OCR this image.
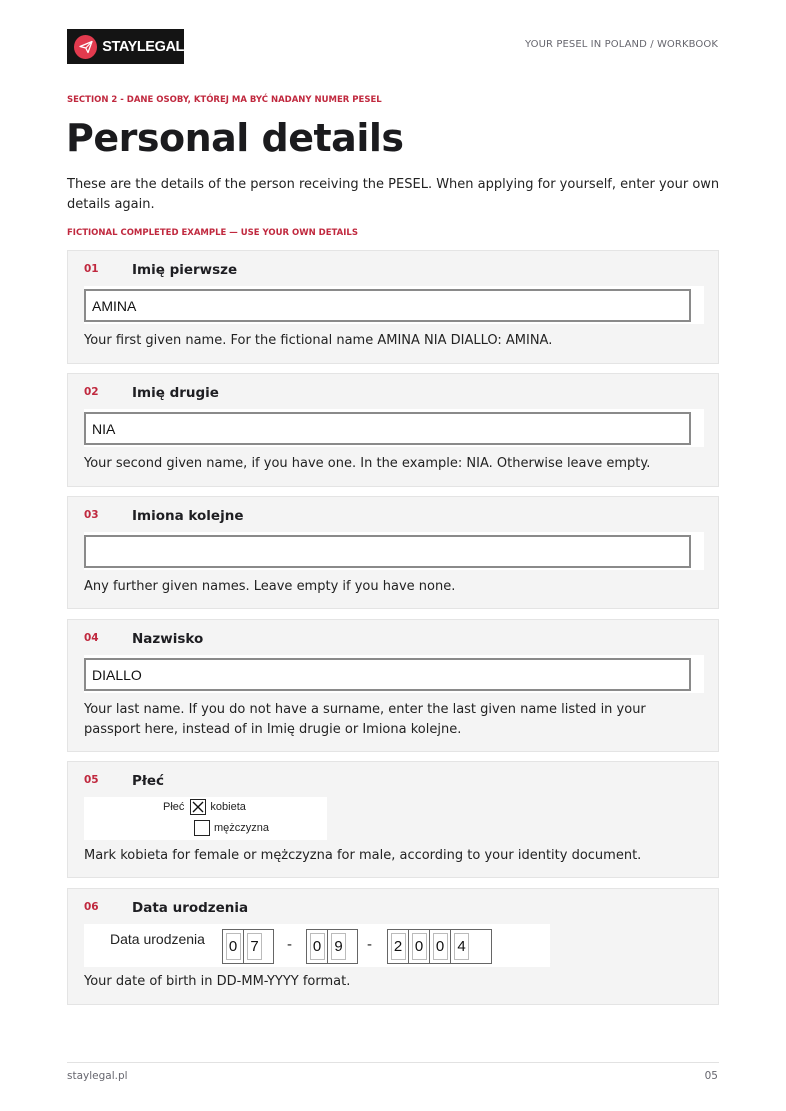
STAYLEGAL	YOUR PESEL IN POLAND / WORKBOOK
SECTION 2 - DANE OSOBY, KTÓREJ MA BYĆ NADANY NUMER PESEL
Personal details

These are the details of the person receiving the PESEL. When applying for yourself, enter your own details again.

FICTIONAL COMPLETED EXAMPLE — USE YOUR OWN DETAILS
01 Imię pierwsze
AMINA

Your first given name. For the fictional name AMINA NIA DIALLO: AMINA.

02 Imię drugie
NIA

Your second given name, if you have one. In the example: NIA. Otherwise leave empty.

03 Imiona kolejne

Any further given names. Leave empty if you have none.

04 Nazwisko
DIALLO

Your last name. If you do not have a surname, enter the last given name listed in your passport here, instead of in Imię drugie or Imiona kolejne.

05 Płeć
Płeć kobieta
mężczyzna

Mark kobieta for female or mężczyzna for male, according to your identity document.

06 Data urodzenia
Data urodzenia 0 7 - 0 9 - 2 0 0 4

Your date of birth in DD-MM-YYYY format.

staylegal.pl	05
